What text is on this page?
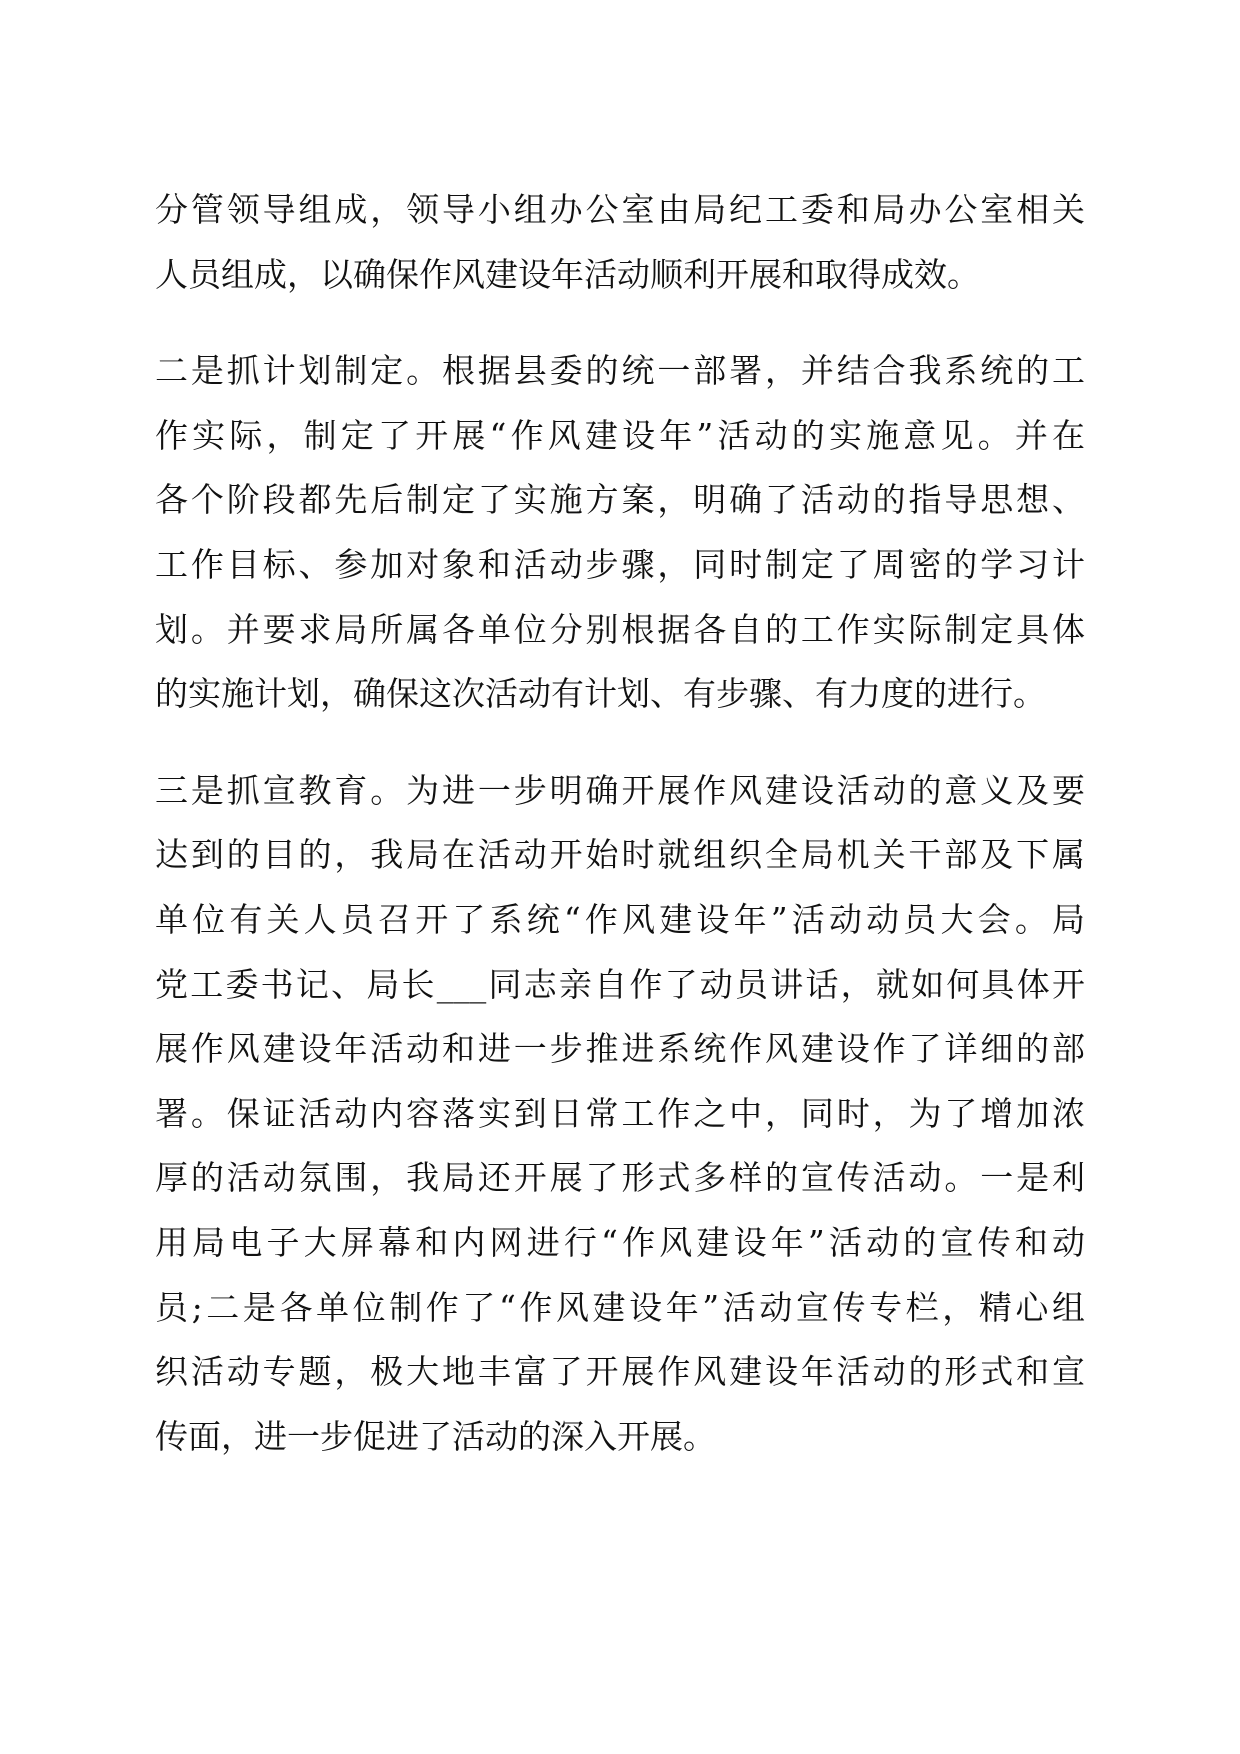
分管领导组成，领导小组办公室由局纪工委和局办公室相关
人员组成，以确保作风建设年活动顺利开展和取得成效。

二是抓计划制定。根据县委的统一部署，并结合我系统的工
作实际，制定了开展“作风建设年”活动的实施意见。并在
各个阶段都先后制定了实施方案，明确了活动的指导思想、
工作目标、参加对象和活动步骤，同时制定了周密的学习计
划。并要求局所属各单位分别根据各自的工作实际制定具体
的实施计划，确保这次活动有计划、有步骤、有力度的进行。

三是抓宣教育。为进一步明确开展作风建设活动的意义及要
达到的目的，我局在活动开始时就组织全局机关干部及下属
单位有关人员召开了系统“作风建设年”活动动员大会。局
党工委书记、局长___同志亲自作了动员讲话，就如何具体开
展作风建设年活动和进一步推进系统作风建设作了详细的部
署。保证活动内容落实到日常工作之中，同时，为了增加浓
厚的活动氛围，我局还开展了形式多样的宣传活动。一是利
用局电子大屏幕和内网进行“作风建设年”活动的宣传和动
员;二是各单位制作了“作风建设年”活动宣传专栏，精心组
织活动专题，极大地丰富了开展作风建设年活动的形式和宣
传面，进一步促进了活动的深入开展。
